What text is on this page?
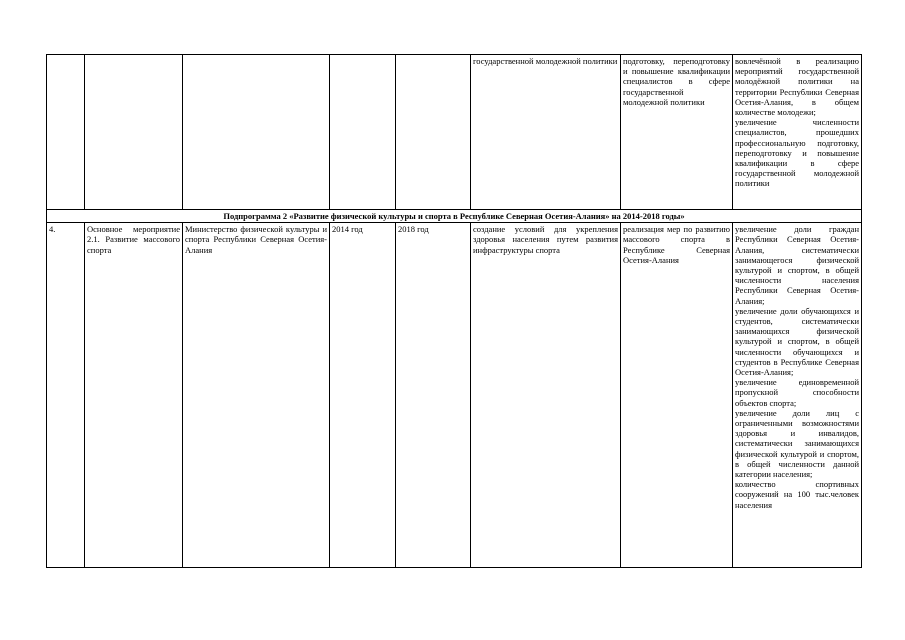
					государственной молодежной политики	подготовку, переподготовку и повышение квалификации специалистов в сфере государственной молодежной политики	вовлечённой в реализацию мероприятий государственной молодёжной политики на территории Республики Северная Осетия-Алания, в общем количестве молодежи;
увеличение численности специалистов, прошедших профессиональную подготовку, переподготовку и повышение квалификации в сфере государственной молодежной политики

Подпрограмма 2 «Развитие физической культуры и спорта в Республике Северная Осетия-Алания» на 2014-2018 годы»							
4.	Основное мероприятие 2.1. Развитие массового спорта	Министерство физической культуры и спорта Республики Северная Осетия-Алания	2014 год	2018 год	создание условий для укрепления здоровья населения путем развития инфраструктуры спорта	реализация мер по развитию массового спорта в Республике Северная Осетия-Алания	увеличение доли граждан Республики Северная Осетия-Алания, систематически занимающегося физической культурой и спортом, в общей численности населения Республики Северная Осетия-Алания;
увеличение доли обучающихся и студентов, систематически занимающихся физической культурой и спортом, в общей численности обучающихся и студентов в Республике Северная Осетия-Алания;
увеличение единовременной пропускной способности объектов спорта;
увеличение доли лиц с ограниченными возможностями здоровья и инвалидов, систематически занимающихся физической культурой и спортом, в общей численности данной категории населения;
количество спортивных сооружений на 100 тыс.человек населения
